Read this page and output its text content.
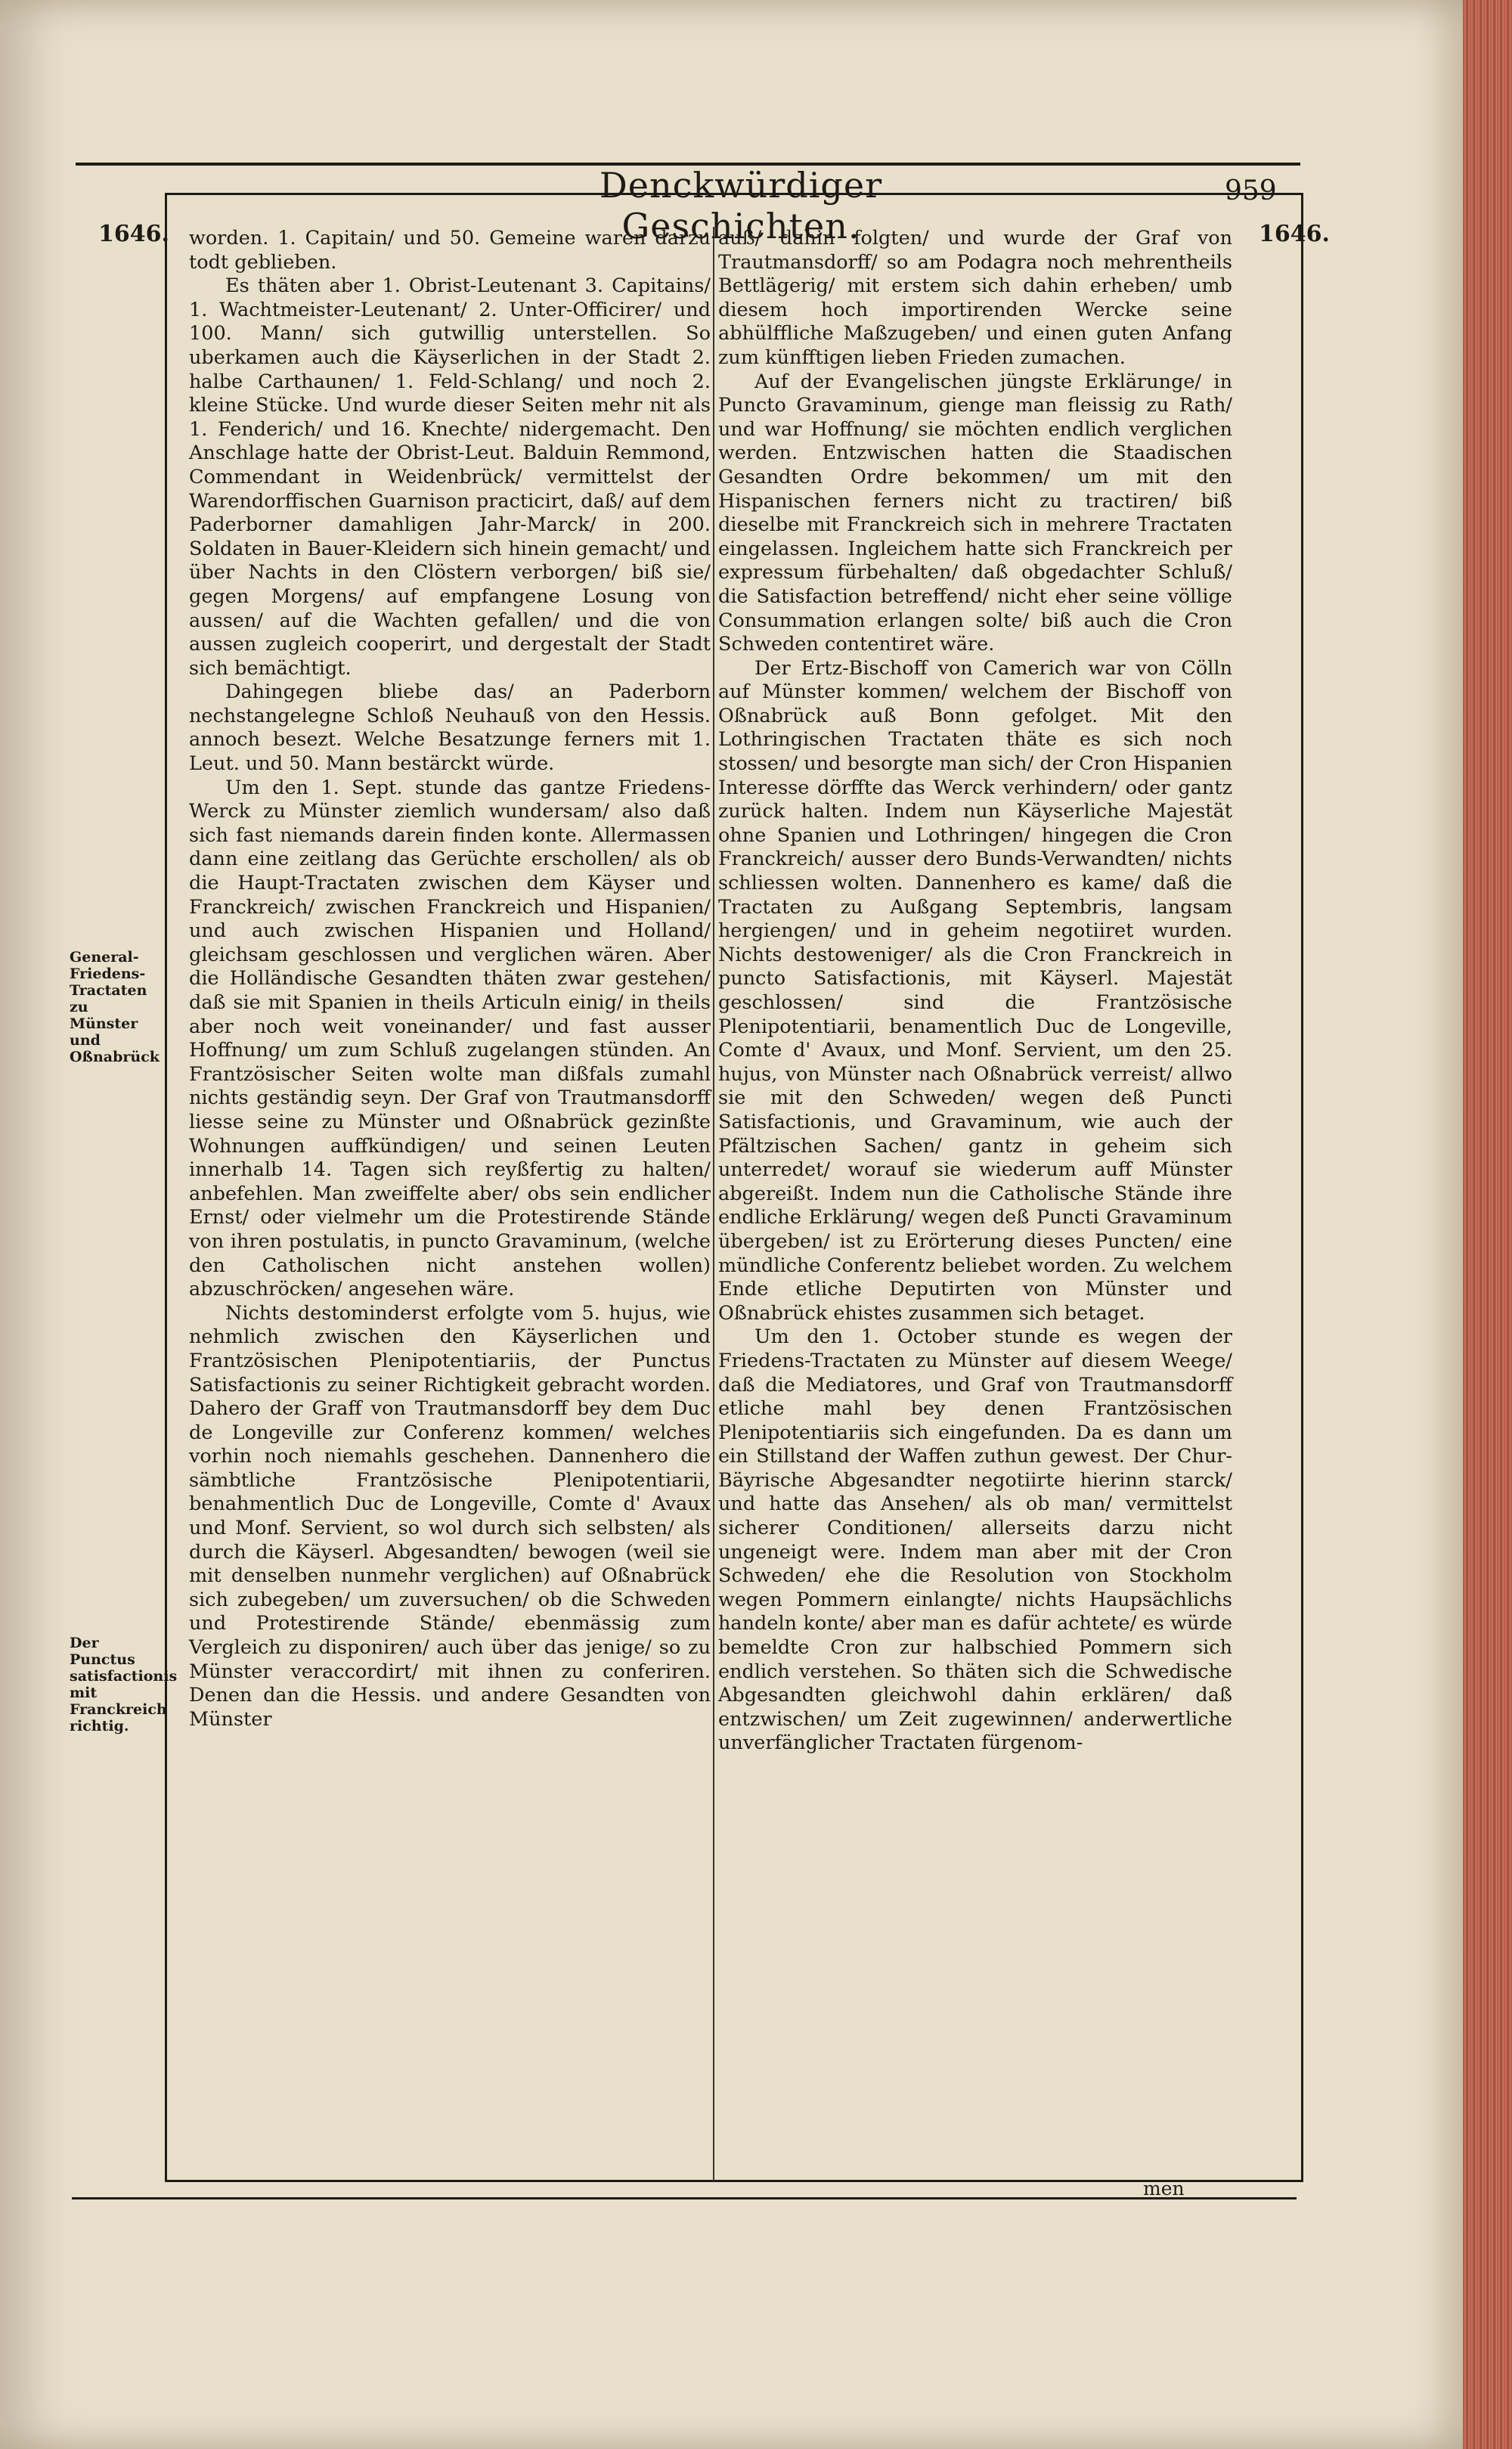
Denckwürdiger Geschichten.
959
1646.	1646.
General-Friedens-Tractaten zu Münster und Oßnabrück
Der Punctus satisfactionis mit Franckreich richtig.

worden. 1. Capitain/ und 50. Gemeine waren darzu todt geblieben.

Es thäten aber 1. Obrist-Leutenant 3. Capitains/ 1. Wachtmeister-Leutenant/ 2. Unter-Officirer/ und 100. Mann/ sich gutwillig unterstellen. So uberkamen auch die Käyserlichen in der Stadt 2. halbe Carthaunen/ 1. Feld-Schlang/ und noch 2. kleine Stücke. Und wurde dieser Seiten mehr nit als 1. Fenderich/ und 16. Knechte/ nidergemacht. Den Anschlage hatte der Obrist-Leut. Balduin Remmond, Commendant in Weidenbrück/ vermittelst der Warendorffischen Guarnison practicirt, daß/ auf dem Paderborner damahligen Jahr-Marck/ in 200. Soldaten in Bauer-Kleidern sich hinein gemacht/ und über Nachts in den Clöstern verborgen/ biß sie/ gegen Morgens/ auf empfangene Losung von aussen/ auf die Wachten gefallen/ und die von aussen zugleich cooperirt, und dergestalt der Stadt sich bemächtigt.

Dahingegen bliebe das/ an Paderborn nechstangelegne Schloß Neuhauß von den Hessis. annoch besezt. Welche Besatzunge ferners mit 1. Leut. und 50. Mann bestärckt würde.

Um den 1. Sept. stunde das gantze Friedens-Werck zu Münster ziemlich wundersam/ also daß sich fast niemands darein finden konte. Allermassen dann eine zeitlang das Gerüchte erschollen/ als ob die Haupt-Tractaten zwischen dem Käyser und Franckreich/ zwischen Franckreich und Hispanien/ und auch zwischen Hispanien und Holland/ gleichsam geschlossen und verglichen wären. Aber die Holländische Gesandten thäten zwar gestehen/ daß sie mit Spanien in theils Articuln einig/ in theils aber noch weit voneinander/ und fast ausser Hoffnung/ um zum Schluß zugelangen stünden. An Frantzösischer Seiten wolte man dißfals zumahl nichts geständig seyn. Der Graf von Trautmansdorff liesse seine zu Münster und Oßnabrück gezinßte Wohnungen auffkündigen/ und seinen Leuten innerhalb 14. Tagen sich reyßfertig zu halten/ anbefehlen. Man zweiffelte aber/ obs sein endlicher Ernst/ oder vielmehr um die Protestirende Stände von ihren postulatis, in puncto Gravaminum, (welche den Catholischen nicht anstehen wollen) abzuschröcken/ angesehen wäre.

Nichts destominderst erfolgte vom 5. hujus, wie nehmlich zwischen den Käyserlichen und Frantzösischen Plenipotentiariis, der Punctus Satisfactionis zu seiner Richtigkeit gebracht worden. Dahero der Graff von Trautmansdorff bey dem Duc de Longeville zur Conferenz kommen/ welches vorhin noch niemahls geschehen. Dannenhero die sämbtliche Frantzösische Plenipotentiarii, benahmentlich Duc de Longeville, Comte d' Avaux und Monf. Servient, so wol durch sich selbsten/ als durch die Käyserl. Abgesandten/ bewogen (weil sie mit denselben nunmehr verglichen) auf Oßnabrück sich zubegeben/ um zuversuchen/ ob die Schweden und Protestirende Stände/ ebenmässig zum Vergleich zu disponiren/ auch über das jenige/ so zu Münster veraccordirt/ mit ihnen zu conferiren. Denen dan die Hessis. und andere Gesandten von Münster

auß/ dahin folgten/ und wurde der Graf von Trautmansdorff/ so am Podagra noch mehrentheils Bettlägerig/ mit erstem sich dahin erheben/ umb diesem hoch importirenden Wercke seine abhülffliche Maßzugeben/ und einen guten Anfang zum künfftigen lieben Frieden zumachen.

Auf der Evangelischen jüngste Erklärunge/ in Puncto Gravaminum, gienge man fleissig zu Rath/ und war Hoffnung/ sie möchten endlich verglichen werden. Entzwischen hatten die Staadischen Gesandten Ordre bekommen/ um mit den Hispanischen ferners nicht zu tractiren/ biß dieselbe mit Franckreich sich in mehrere Tractaten eingelassen. Ingleichem hatte sich Franckreich per expressum fürbehalten/ daß obgedachter Schluß/ die Satisfaction betreffend/ nicht eher seine völlige Consummation erlangen solte/ biß auch die Cron Schweden contentiret wäre.

Der Ertz-Bischoff von Camerich war von Cölln auf Münster kommen/ welchem der Bischoff von Oßnabrück auß Bonn gefolget. Mit den Lothringischen Tractaten thäte es sich noch stossen/ und besorgte man sich/ der Cron Hispanien Interesse dörffte das Werck verhindern/ oder gantz zurück halten. Indem nun Käyserliche Majestät ohne Spanien und Lothringen/ hingegen die Cron Franckreich/ ausser dero Bunds-Verwandten/ nichts schliessen wolten. Dannenhero es kame/ daß die Tractaten zu Außgang Septembris, langsam hergiengen/ und in geheim negotiiret wurden. Nichts destoweniger/ als die Cron Franckreich in puncto Satisfactionis, mit Käyserl. Majestät geschlossen/ sind die Frantzösische Plenipotentiarii, benamentlich Duc de Longeville, Comte d' Avaux, und Monf. Servient, um den 25. hujus, von Münster nach Oßnabrück verreist/ allwo sie mit den Schweden/ wegen deß Puncti Satisfactionis, und Gravaminum, wie auch der Pfältzischen Sachen/ gantz in geheim sich unterredet/ worauf sie wiederum auff Münster abgereißt. Indem nun die Catholische Stände ihre endliche Erklärung/ wegen deß Puncti Gravaminum übergeben/ ist zu Erörterung dieses Puncten/ eine mündliche Conferentz beliebet worden. Zu welchem Ende etliche Deputirten von Münster und Oßnabrück ehistes zusammen sich betaget.

Um den 1. October stunde es wegen der Friedens-Tractaten zu Münster auf diesem Weege/ daß die Mediatores, und Graf von Trautmansdorff etliche mahl bey denen Frantzösischen Plenipotentiariis sich eingefunden. Da es dann um ein Stillstand der Waffen zuthun gewest. Der Chur-Bäyrische Abgesandter negotiirte hierinn starck/ und hatte das Ansehen/ als ob man/ vermittelst sicherer Conditionen/ allerseits darzu nicht ungeneigt were. Indem man aber mit der Cron Schweden/ ehe die Resolution von Stockholm wegen Pommern einlangte/ nichts Haupsächlichs handeln konte/ aber man es dafür achtete/ es würde bemeldte Cron zur halbschied Pommern sich endlich verstehen. So thäten sich die Schwedische Abgesandten gleichwohl dahin erklären/ daß entzwischen/ um Zeit zugewinnen/ anderwertliche unverfänglicher Tractaten fürgenom-

men
